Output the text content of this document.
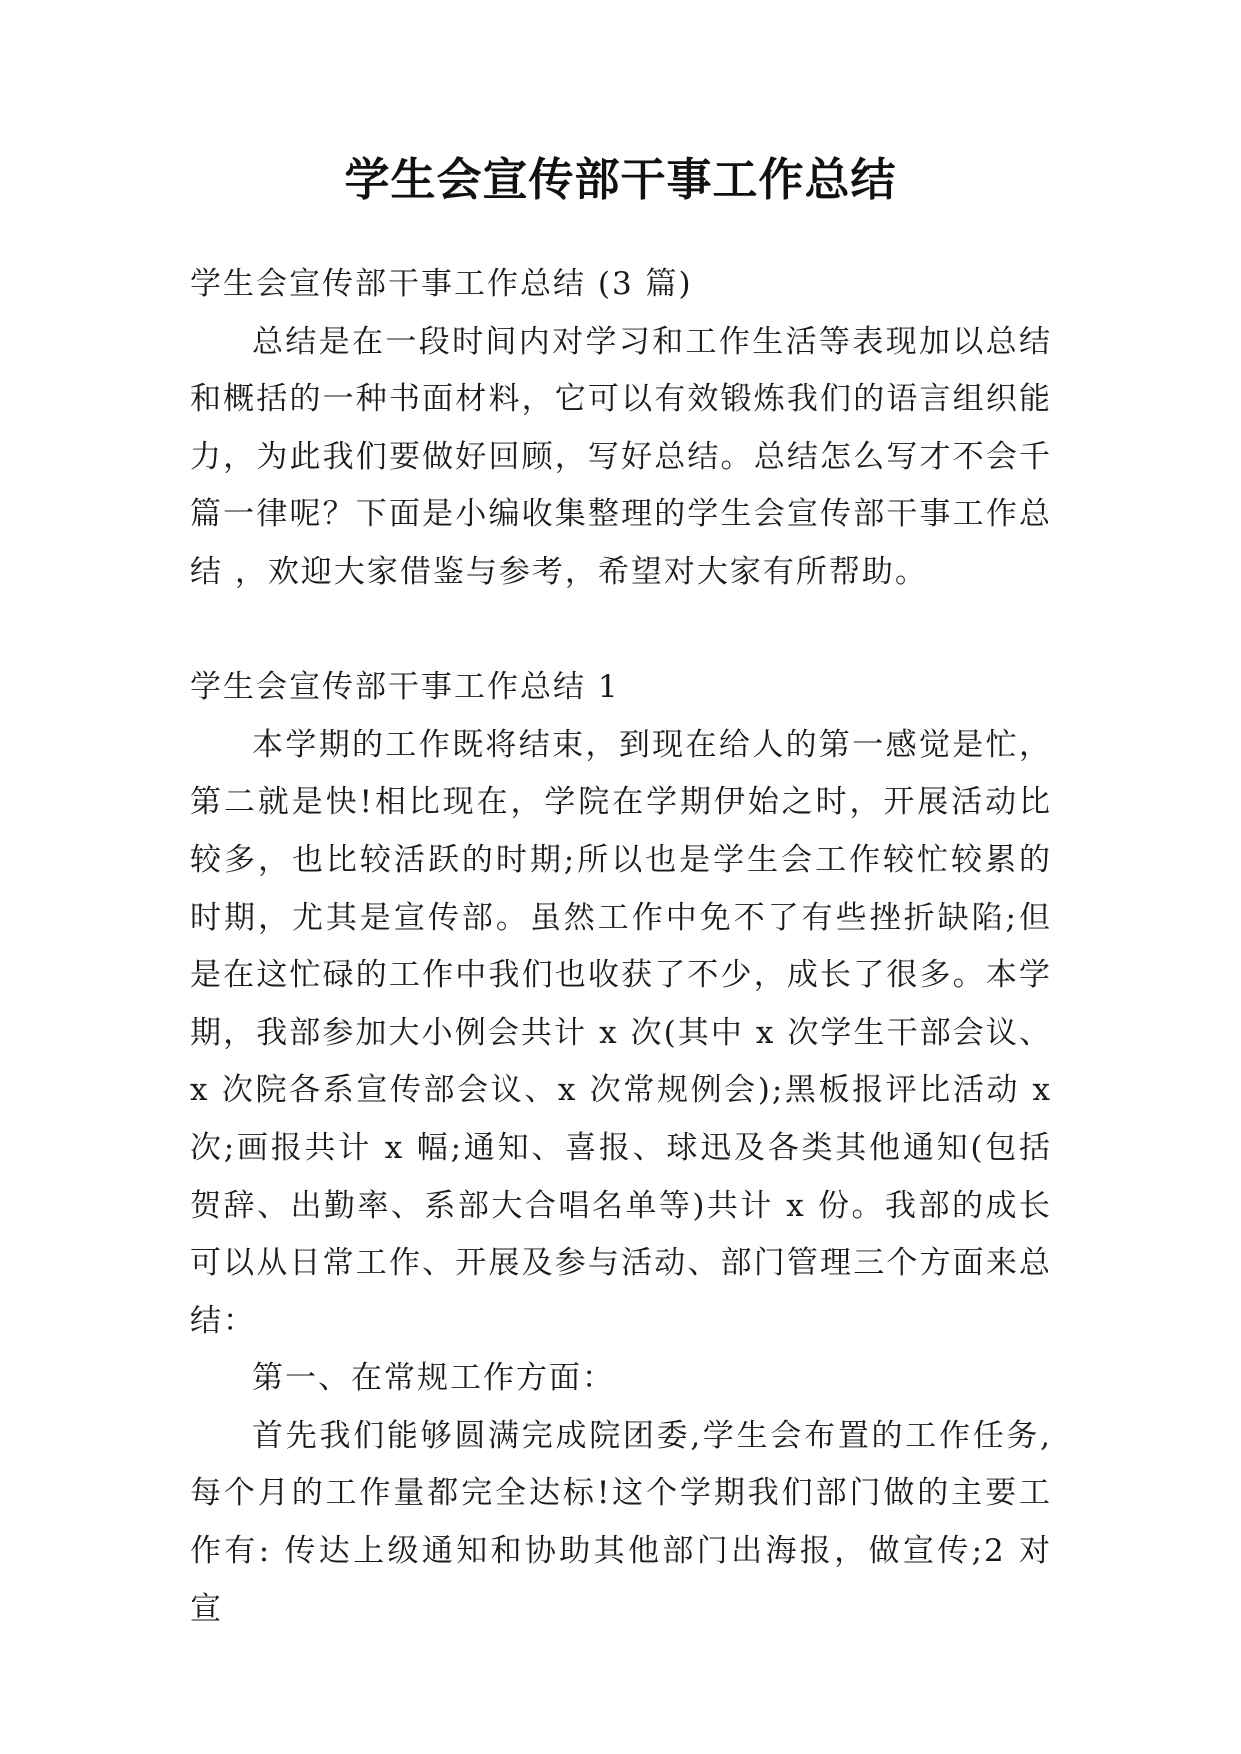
学生会宣传部干事工作总结

学生会宣传部干事工作总结 (3 篇)

总结是在一段时间内对学习和工作生活等表现加以总结和概括的一种书面材料，它可以有效锻炼我们的语言组织能力，为此我们要做好回顾，写好总结。总结怎么写才不会千篇一律呢？下面是小编收集整理的学生会宣传部干事工作总结 ，欢迎大家借鉴与参考，希望对大家有所帮助。

学生会宣传部干事工作总结 1

本学期的工作既将结束，到现在给人的第一感觉是忙，第二就是快!相比现在，学院在学期伊始之时，开展活动比较多，也比较活跃的时期;所以也是学生会工作较忙较累的时期，尤其是宣传部。虽然工作中免不了有些挫折缺陷;但是在这忙碌的工作中我们也收获了不少，成长了很多。本学期，我部参加大小例会共计 x 次(其中 x 次学生干部会议、x 次院各系宣传部会议、x 次常规例会);黑板报评比活动 x 次;画报共计 x 幅;通知、喜报、球迅及各类其他通知(包括贺辞、出勤率、系部大合唱名单等)共计 x 份。我部的成长可以从日常工作、开展及参与活动、部门管理三个方面来总结：

第一、在常规工作方面：

首先我们能够圆满完成院团委,学生会布置的工作任务,每个月的工作量都完全达标!这个学期我们部门做的主要工作有: 传达上级通知和协助其他部门出海报，做宣传;2 对宣
